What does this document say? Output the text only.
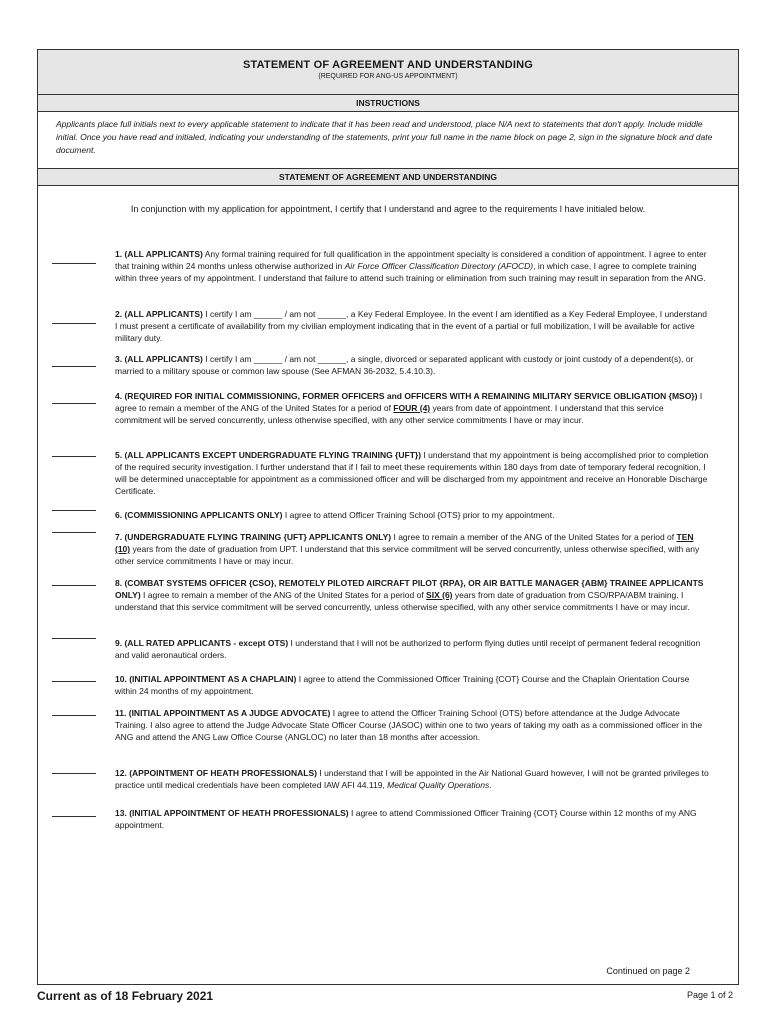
STATEMENT OF AGREEMENT AND UNDERSTANDING
(REQUIRED FOR ANG-US APPOINTMENT)
INSTRUCTIONS
Applicants place full initials next to every applicable statement to indicate that it has been read and understood, place N/A next to statements that don't apply. Include middle initial. Once you have read and initialed, indicating your understanding of the statements, print your full name in the name block on page 2, sign in the signature block and date document.
STATEMENT OF AGREEMENT AND UNDERSTANDING
In conjunction with my application for appointment, I certify that I understand and agree to the requirements I have initialed below.
1. (ALL APPLICANTS) Any formal training required for full qualification in the appointment specialty is considered a condition of appointment. I agree to enter that training within 24 months unless otherwise authorized in Air Force Officer Classification Directory (AFOCD), in which case, I agree to complete training within three years of my appointment. I understand that failure to attend such training or elimination from such training may result in separation from the ANG.
2. (ALL APPLICANTS) I certify I am ______ / am not ______, a Key Federal Employee. In the event I am identified as a Key Federal Employee, I understand I must present a certificate of availability from my civilian employment indicating that in the event of a partial or full mobilization, I will be available for active military duty.
3. (ALL APPLICANTS) I certify I am ______ / am not ______, a single, divorced or separated applicant with custody or joint custody of a dependent(s), or married to a military spouse or common law spouse (See AFMAN 36-2032, 5.4.10.3).
4. (REQUIRED FOR INITIAL COMMISSIONING, FORMER OFFICERS and OFFICERS WITH A REMAINING MILITARY SERVICE OBLIGATION {MSO}) I agree to remain a member of the ANG of the United States for a period of FOUR (4) years from date of appointment. I understand that this service commitment will be served concurrently, unless otherwise specified, with any other service commitments I have or may incur.
5. (ALL APPLICANTS EXCEPT UNDERGRADUATE FLYING TRAINING {UFT}) I understand that my appointment is being accomplished prior to completion of the required security investigation. I further understand that if I fail to meet these requirements within 180 days from date of temporary federal recognition, I will be determined unacceptable for appointment as a commissioned officer and will be discharged from my appointment and receive an Honorable Discharge Certificate.
6. (COMMISSIONING APPLICANTS ONLY) I agree to attend Officer Training School {OTS} prior to my appointment.
7. (UNDERGRADUATE FLYING TRAINING {UFT} APPLICANTS ONLY) I agree to remain a member of the ANG of the United States for a period of TEN (10) years from the date of graduation from UPT. I understand that this service commitment will be served concurrently, unless otherwise specified, with any other service commitments I have or may incur.
8. (COMBAT SYSTEMS OFFICER {CSO}, REMOTELY PILOTED AIRCRAFT PILOT {RPA}, OR AIR BATTLE MANAGER {ABM} TRAINEE APPLICANTS ONLY) I agree to remain a member of the ANG of the United States for a period of SIX (6) years from date of graduation from CSO/RPA/ABM training. I understand that this service commitment will be served concurrently, unless otherwise specified, with any other service commitments I have or may incur.
9. (ALL RATED APPLICANTS - except OTS) I understand that I will not be authorized to perform flying duties until receipt of permanent federal recognition and valid aeronautical orders.
10. (INITIAL APPOINTMENT AS A CHAPLAIN) I agree to attend the Commissioned Officer Training {COT} Course and the Chaplain Orientation Course within 24 months of my appointment.
11. (INITIAL APPOINTMENT AS A JUDGE ADVOCATE) I agree to attend the Officer Training School (OTS) before attendance at the Judge Advocate Training. I also agree to attend the Judge Advocate State Officer Course (JASOC) within one to two years of taking my oath as a commissioned officer in the ANG and attend the ANG Law Office Course (ANGLOC) no later than 18 months after accession.
12. (APPOINTMENT OF HEATH PROFESSIONALS) I understand that I will be appointed in the Air National Guard however, I will not be granted privileges to practice until medical credentials have been completed IAW AFI 44.119, Medical Quality Operations.
13. (INITIAL APPOINTMENT OF HEATH PROFESSIONALS) I agree to attend Commissioned Officer Training {COT} Course within 12 months of my ANG appointment.
Continued on page 2
Current as of 18 February 2021	Page 1 of 2
